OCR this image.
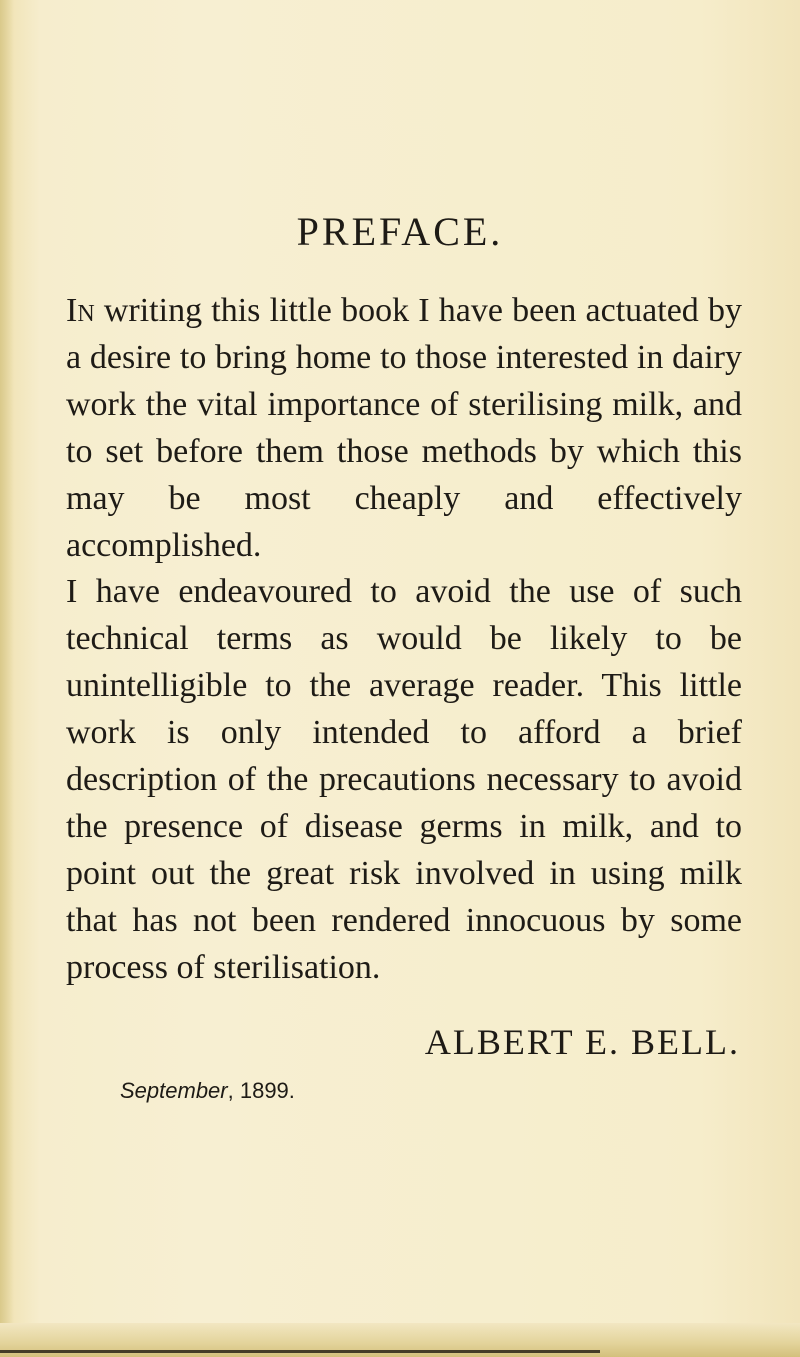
PREFACE.

In writing this little book I have been actuated by a desire to bring home to those interested in dairy work the vital importance of sterilising milk, and to set before them those methods by which this may be most cheaply and effectively accomplished.

I have endeavoured to avoid the use of such technical terms as would be likely to be unintelligible to the average reader. This little work is only intended to afford a brief description of the precautions necessary to avoid the presence of disease germs in milk, and to point out the great risk involved in using milk that has not been rendered innocuous by some process of sterilisation.

ALBERT E. BELL.
September, 1899.
